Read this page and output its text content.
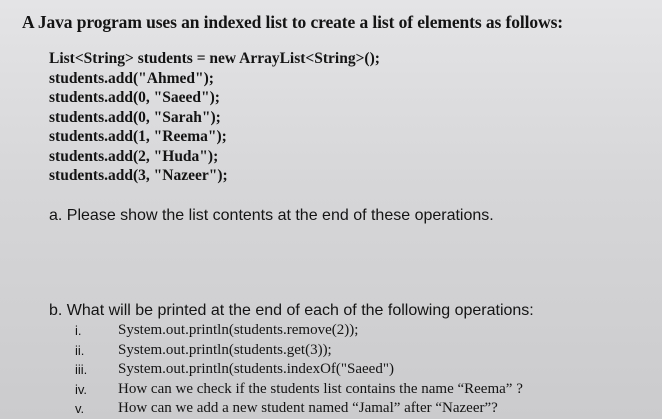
A Java program uses an indexed list to create a list of elements as follows:
List<String> students = new ArrayList<String>();
students.add("Ahmed");
students.add(0, "Saeed");
students.add(0, "Sarah");
students.add(1, "Reema");
students.add(2, "Huda");
students.add(3, "Nazeer");
a. Please show the list contents at the end of these operations.
b. What will be printed at the end of each of the following operations:
i.	System.out.println(students.remove(2));
ii.	System.out.println(students.get(3));
iii.	System.out.println(students.indexOf("Saeed")
iv.	How can we check if the students list contains the name “Reema” ?
v.	How can we add a new student named “Jamal” after “Nazeer”?
